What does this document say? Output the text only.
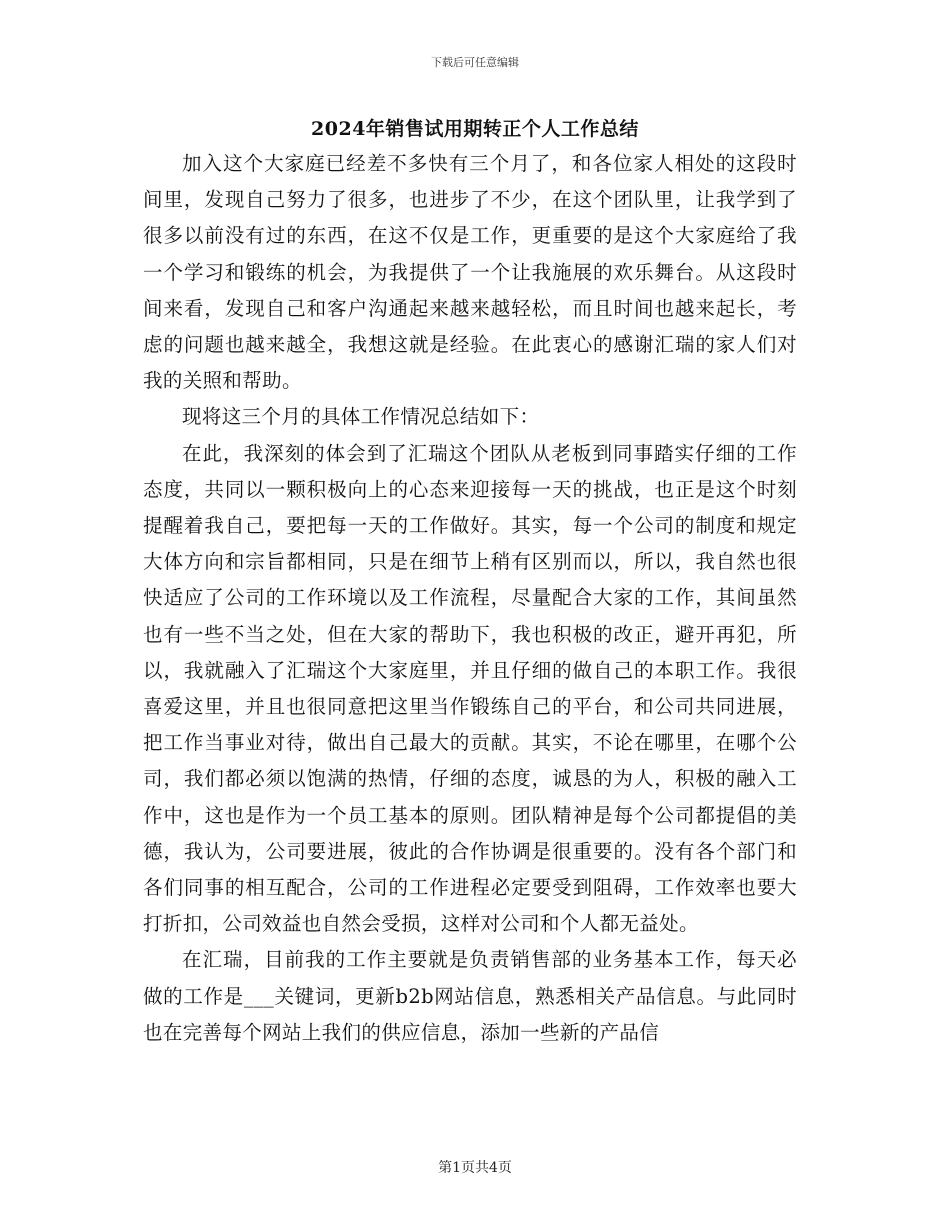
下载后可任意编辑
2024年销售试用期转正个人工作总结

加入这个大家庭已经差不多快有三个月了，和各位家人相处的这段时间里，发现自己努力了很多，也进步了不少，在这个团队里，让我学到了很多以前没有过的东西，在这不仅是工作，更重要的是这个大家庭给了我一个学习和锻练的机会，为我提供了一个让我施展的欢乐舞台。从这段时间来看，发现自己和客户沟通起来越来越轻松，而且时间也越来起长，考虑的问题也越来越全，我想这就是经验。在此衷心的感谢汇瑞的家人们对我的关照和帮助。

现将这三个月的具体工作情况总结如下：

在此，我深刻的体会到了汇瑞这个团队从老板到同事踏实仔细的工作态度，共同以一颗积极向上的心态来迎接每一天的挑战，也正是这个时刻提醒着我自己，要把每一天的工作做好。其实，每一个公司的制度和规定大体方向和宗旨都相同，只是在细节上稍有区别而以，所以，我自然也很快适应了公司的工作环境以及工作流程，尽量配合大家的工作，其间虽然也有一些不当之处，但在大家的帮助下，我也积极的改正，避开再犯，所以，我就融入了汇瑞这个大家庭里，并且仔细的做自己的本职工作。我很喜爱这里，并且也很同意把这里当作锻练自己的平台，和公司共同进展，把工作当事业对待，做出自己最大的贡献。其实，不论在哪里，在哪个公司，我们都必须以饱满的热情，仔细的态度，诚恳的为人，积极的融入工作中，这也是作为一个员工基本的原则。团队精神是每个公司都提倡的美德，我认为，公司要进展，彼此的合作协调是很重要的。没有各个部门和各们同事的相互配合，公司的工作进程必定要受到阻碍，工作效率也要大打折扣，公司效益也自然会受损，这样对公司和个人都无益处。

在汇瑞，目前我的工作主要就是负责销售部的业务基本工作，每天必做的工作是___关键词，更新b2b网站信息，熟悉相关产品信息。与此同时也在完善每个网站上我们的供应信息，添加一些新的产品信

第1页共4页
